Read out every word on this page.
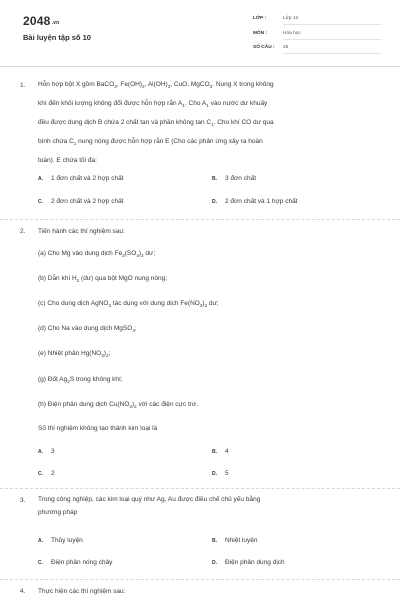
2048.vn
Bài luyện tập số 10
LỚP :	Lớp 12
MÔN :	Hóa học
SỐ CÂU : 25
1. Hỗn hợp bột X gồm BaCO$_3$, $Fe(OH)_2$, $Al(OH)_3$, CuO, MgCO$_3$. Nung X trong không
khí đến khối lượng không đổi được hỗn hợp rắn $A_1$. Cho $A_1$ vào nước dư khuấy
đều được dung dịch B chứa 2 chất tan và phần không $\tan C_1$. Cho khí CO dư qua
bình chứa $C_1$ nung nóng được hỗn hợp rắn E (Cho các phản ứng xảy ra hoàn
toàn). E chứa tối đa:
A. 1 đơn chất và 2 hợp chất	B. 3 đơn chất
C. 2 đơn chất và 2 hợp chất	D. 2 đơn chất và 1 hợp chất
2. Tiến hành các thí nghiệm sau:
(a) Cho Mg vào dung dịch $Fe_2(SO_4)_3$ dư;
(b) Dẫn khí $H_2$ (dư) qua bột MgO nung nóng;
(c) Cho dung dịch AgNO$_3$ tác dụng với dung dịch $Fe(NO_3)_2$ dư;
(d) Cho Na vào dung dịch MgSO$_4$;
(e) Nhiệt phân $Hg(NO_3)_2$;
(g) Đốt $Ag_2S$ trong không khí;
(h) Điện phân dung dịch $Cu(NO_3)_2$ với các điện cực trơ.
Số thí nghiệm không tạo thành kim loại là
A. 3	B. 4
C. 2	D. 5
3. Trong công nghiệp, các kim loại quý như Ag, Au được điều chế chủ yếu bằng
phương pháp
A. Thủy luyện	B. Nhiệt luyện
C. Điện phân nóng chảy	D. Điện phân dung dịch
4. Thực hiện các thí nghiệm sau:
